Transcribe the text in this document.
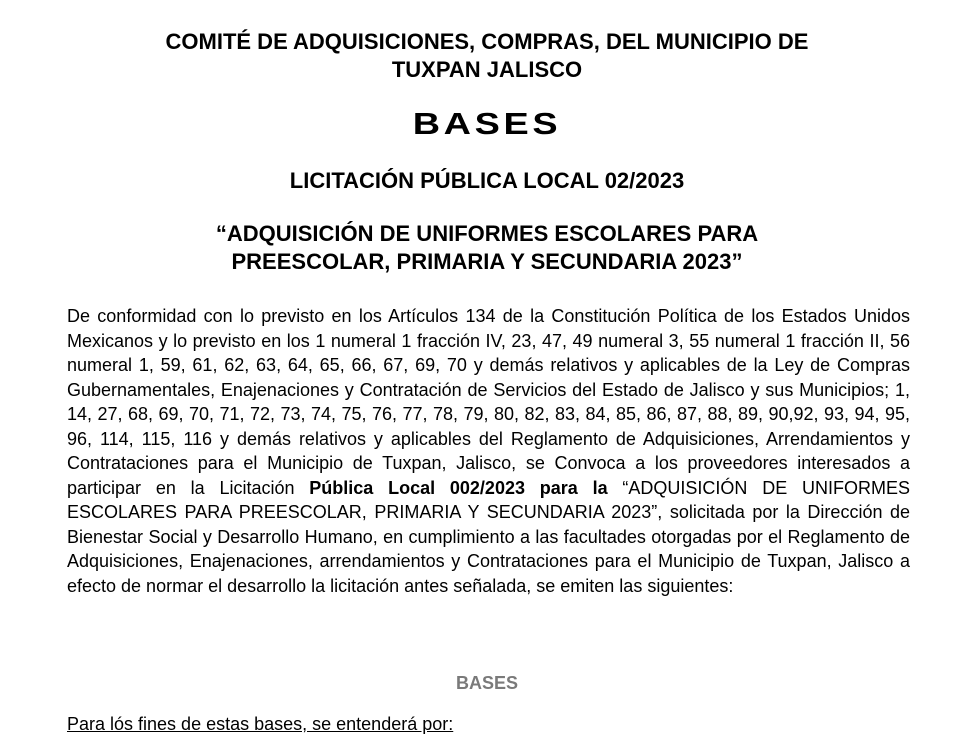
COMITÉ DE ADQUISICIONES, COMPRAS, DEL MUNICIPIO DE
TUXPAN JALISCO
BASES
LICITACIÓN PÚBLICA LOCAL 02/2023
“ADQUISICIÓN DE UNIFORMES ESCOLARES PARA
PREESCOLAR, PRIMARIA Y SECUNDARIA 2023”

De conformidad con lo previsto en los Artículos 134 de la Constitución Política de los Estados Unidos Mexicanos y lo previsto en los 1 numeral 1 fracción IV, 23, 47, 49 numeral 3, 55 numeral 1 fracción II, 56 numeral 1, 59, 61, 62, 63, 64, 65, 66, 67, 69, 70 y demás relativos y aplicables de la Ley de Compras Gubernamentales, Enajenaciones y Contratación de Servicios del Estado de Jalisco y sus Municipios; 1, 14, 27, 68, 69, 70, 71, 72, 73, 74, 75, 76, 77, 78, 79, 80, 82, 83, 84, 85, 86, 87, 88, 89, 90,92, 93, 94, 95, 96, 114, 115, 116 y demás relativos y aplicables del Reglamento de Adquisiciones, Arrendamientos y Contrataciones para el Municipio de Tuxpan, Jalisco, se Convoca a los proveedores interesados a participar en la Licitación Pública Local 002/2023 para la “ADQUISICIÓN DE UNIFORMES ESCOLARES PARA PREESCOLAR, PRIMARIA Y SECUNDARIA 2023”, solicitada por la Dirección de Bienestar Social y Desarrollo Humano, en cumplimiento a las facultades otorgadas por el Reglamento de Adquisiciones, Enajenaciones, arrendamientos y Contrataciones para el Municipio de Tuxpan, Jalisco a efecto de normar el desarrollo la licitación antes señalada, se emiten las siguientes:

BASES

Para lós fines de estas bases, se entenderá por:
